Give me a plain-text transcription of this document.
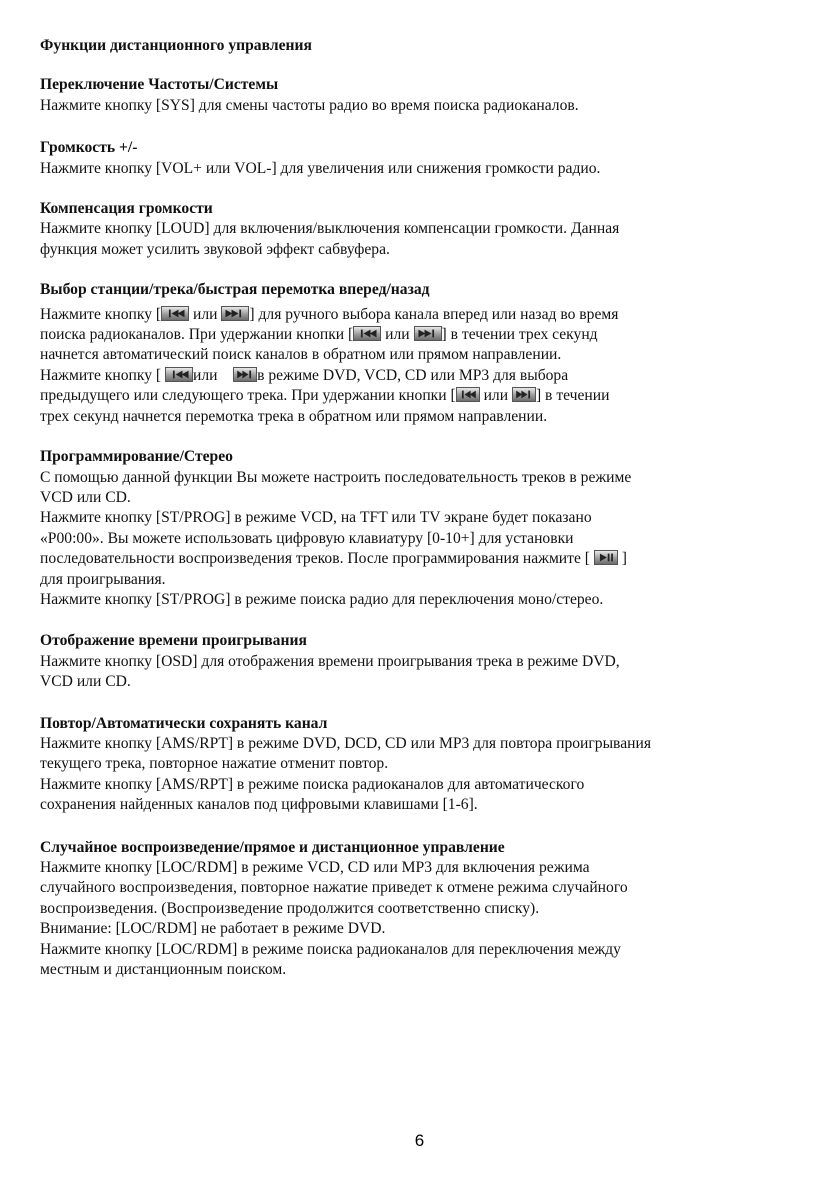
Функции дистанционного управления
Переключение Частоты/Системы

Нажмите кнопку [SYS] для смены частоты радио во время поиска радиоканалов.

Громкость +/-

Нажмите кнопку [VOL+ или VOL-] для увеличения или снижения громкости радио.

Компенсация громкости

Нажмите кнопку [LOUD] для включения/выключения компенсации громкости. Данная

функция может усилить звуковой эффект сабвуфера.

Выбор станции/трека/быстрая перемотка вперед/назад

Нажмите кнопку [
или
] для ручного выбора канала вперед или назад во время

поиска радиоканалов. При удержании кнопки [
или
] в течении трех секунд

начнется автоматический поиск каналов в обратном или прямом направлении.

Нажмите кнопку [
или
в режиме DVD, VCD, CD или MP3 для выбора

предыдущего или следующего трека. При удержании кнопки [
или
] в течении

трех секунд начнется перемотка трека в обратном или прямом направлении.

Программирование/Стерео

С помощью данной функции Вы можете настроить последовательность треков в режиме

VCD или CD.

Нажмите кнопку [ST/PROG] в режиме VCD, на TFT или TV экране будет показано

«P00:00». Вы можете использовать цифровую клавиатуру [0-10+] для установки

последовательности воспроизведения треков. После программирования нажмите [
]

для проигрывания.

Нажмите кнопку [ST/PROG] в режиме поиска радио для переключения моно/стерео.

Отображение времени проигрывания

Нажмите кнопку [OSD] для отображения времени проигрывания трека в режиме DVD,

VCD или CD.

Повтор/Автоматически сохранять канал

Нажмите кнопку [AMS/RPT] в режиме DVD, DCD, CD или MP3 для повтора проигрывания

текущего трека, повторное нажатие отменит повтор.

Нажмите кнопку [AMS/RPT] в режиме поиска радиоканалов для автоматического

сохранения найденных каналов под цифровыми клавишами [1-6].

Случайное воспроизведение/прямое и дистанционное управление

Нажмите кнопку [LOC/RDM] в режиме VCD, CD или MP3 для включения режима

случайного воспроизведения, повторное нажатие приведет к отмене режима случайного

воспроизведения. (Воспроизведение продолжится соответственно списку).

Внимание: [LOC/RDM] не работает в режиме DVD.

Нажмите кнопку [LOC/RDM] в режиме поиска радиоканалов для переключения между

местным и дистанционным поиском.

6
